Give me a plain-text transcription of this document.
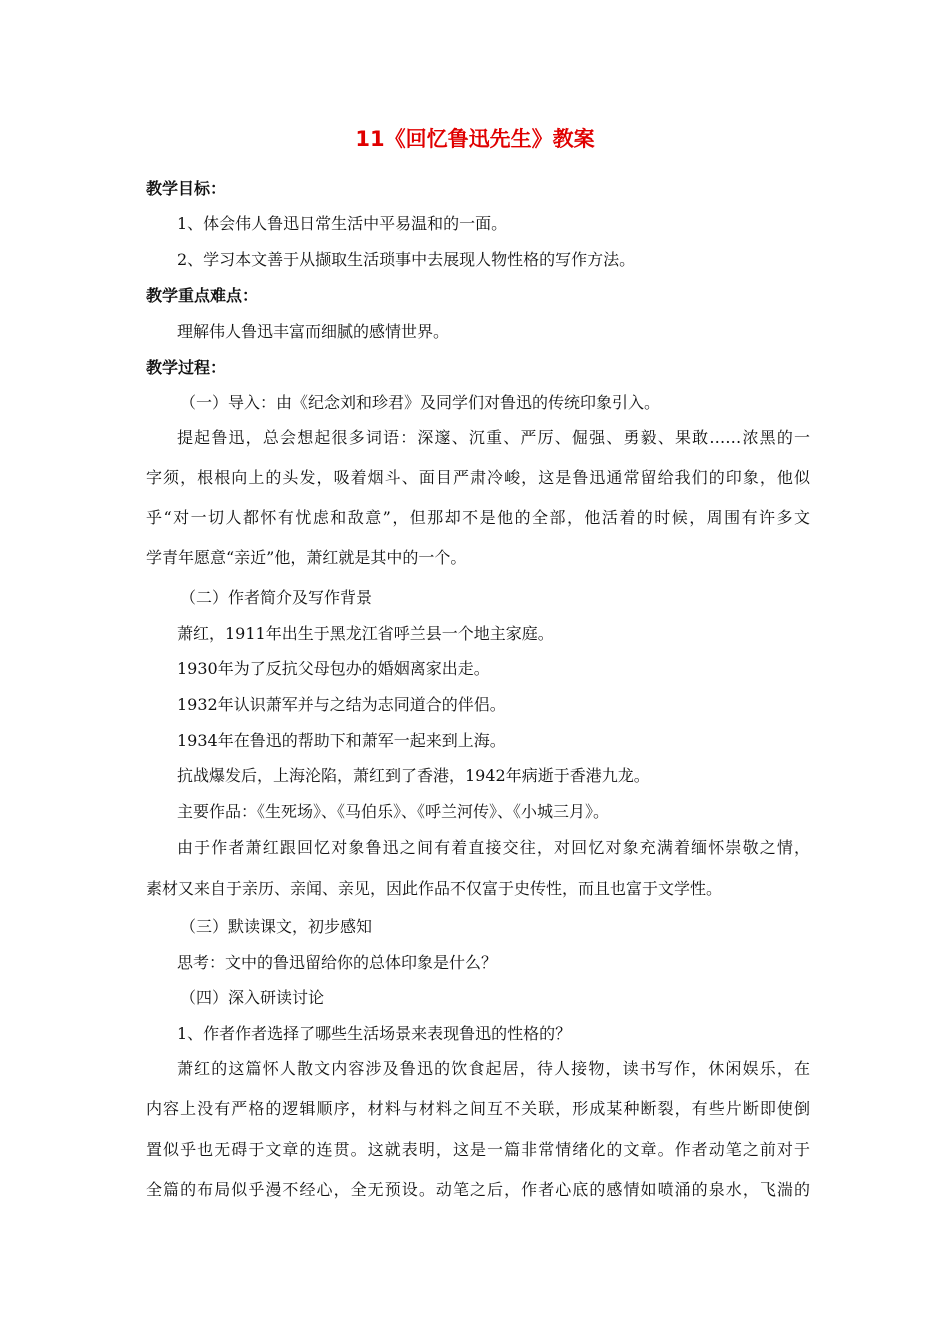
11《回忆鲁迅先生》教案
教学目标：
1、体会伟人鲁迅日常生活中平易温和的一面。
2、学习本文善于从撷取生活琐事中去展现人物性格的写作方法。
教学重点难点：
理解伟人鲁迅丰富而细腻的感情世界。
教学过程：
（一）导入：由《纪念刘和珍君》及同学们对鲁迅的传统印象引入。
提起鲁迅，总会想起很多词语：深邃、沉重、严厉、倔强、勇毅、果敢……浓黑的一
字须，根根向上的头发，吸着烟斗、面目严肃冷峻，这是鲁迅通常留给我们的印象，他似
乎“对一切人都怀有忧虑和敌意”，但那却不是他的全部，他活着的时候，周围有许多文
学青年愿意“亲近”他，萧红就是其中的一个。
（二）作者简介及写作背景
萧红，1911年出生于黑龙江省呼兰县一个地主家庭。
1930年为了反抗父母包办的婚姻离家出走。
1932年认识萧军并与之结为志同道合的伴侣。
1934年在鲁迅的帮助下和萧军一起来到上海。
抗战爆发后，上海沦陷，萧红到了香港，1942年病逝于香港九龙。
主要作品：《生死场》、《马伯乐》、《呼兰河传》、《小城三月》。
由于作者萧红跟回忆对象鲁迅之间有着直接交往，对回忆对象充满着缅怀崇敬之情，
素材又来自于亲历、亲闻、亲见，因此作品不仅富于史传性，而且也富于文学性。
（三）默读课文，初步感知
思考：文中的鲁迅留给你的总体印象是什么？
（四）深入研读讨论
1、作者作者选择了哪些生活场景来表现鲁迅的性格的？
萧红的这篇怀人散文内容涉及鲁迅的饮食起居，待人接物，读书写作，休闲娱乐，在
内容上没有严格的逻辑顺序，材料与材料之间互不关联，形成某种断裂，有些片断即使倒
置似乎也无碍于文章的连贯。这就表明，这是一篇非常情绪化的文章。作者动笔之前对于
全篇的布局似乎漫不经心，全无预设。动笔之后，作者心底的感情如喷涌的泉水，飞湍的
